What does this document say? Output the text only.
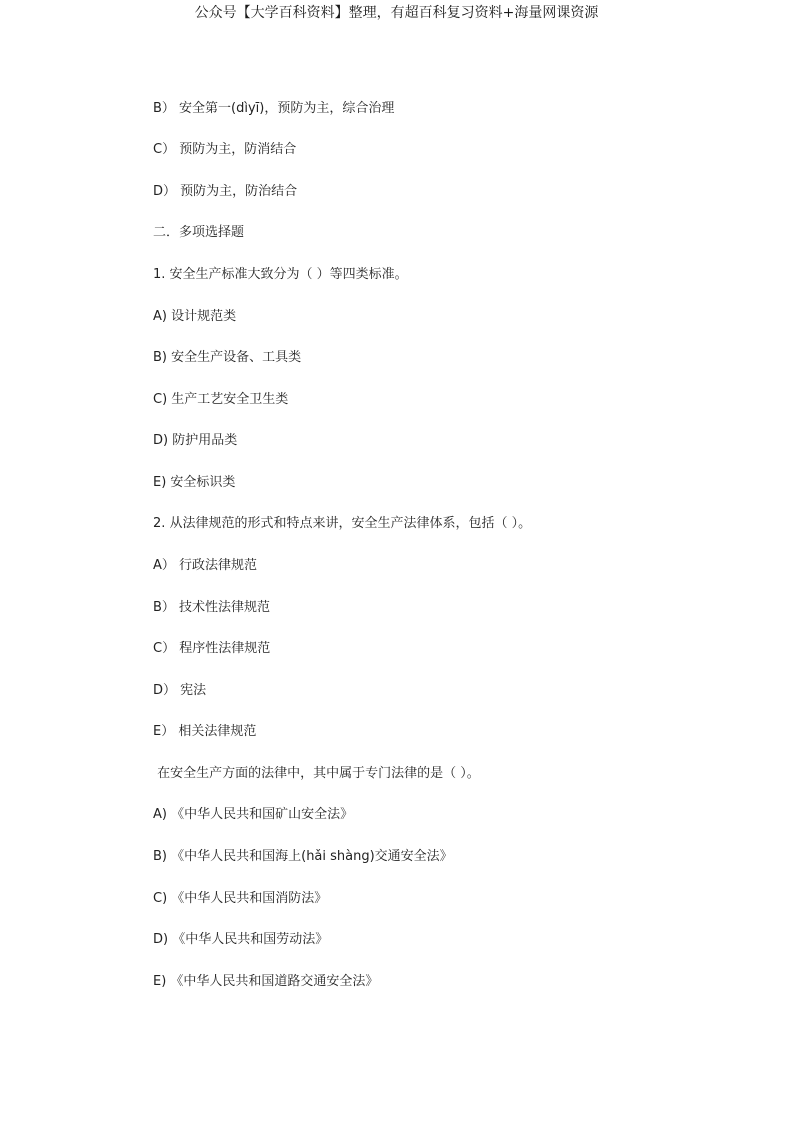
公众号【大学百科资料】整理，有超百科复习资料+海量网课资源
B） 安全第一(dìyī)，预防为主，综合治理
C） 预防为主，防消结合
D） 预防为主，防治结合
二．多项选择题
1. 安全生产标准大致分为（ ）等四类标准。
A) 设计规范类
B) 安全生产设备、工具类
C) 生产工艺安全卫生类
D) 防护用品类
E) 安全标识类
2. 从法律规范的形式和特点来讲，安全生产法律体系，包括（ ）。
A） 行政法律规范
B） 技术性法律规范
C） 程序性法律规范
D） 宪法
E） 相关法律规范
在安全生产方面的法律中，其中属于专门法律的是（ ）。
A) 《中华人民共和国矿山安全法》
B) 《中华人民共和国海上(hǎi shàng)交通安全法》
C) 《中华人民共和国消防法》
D) 《中华人民共和国劳动法》
E) 《中华人民共和国道路交通安全法》
